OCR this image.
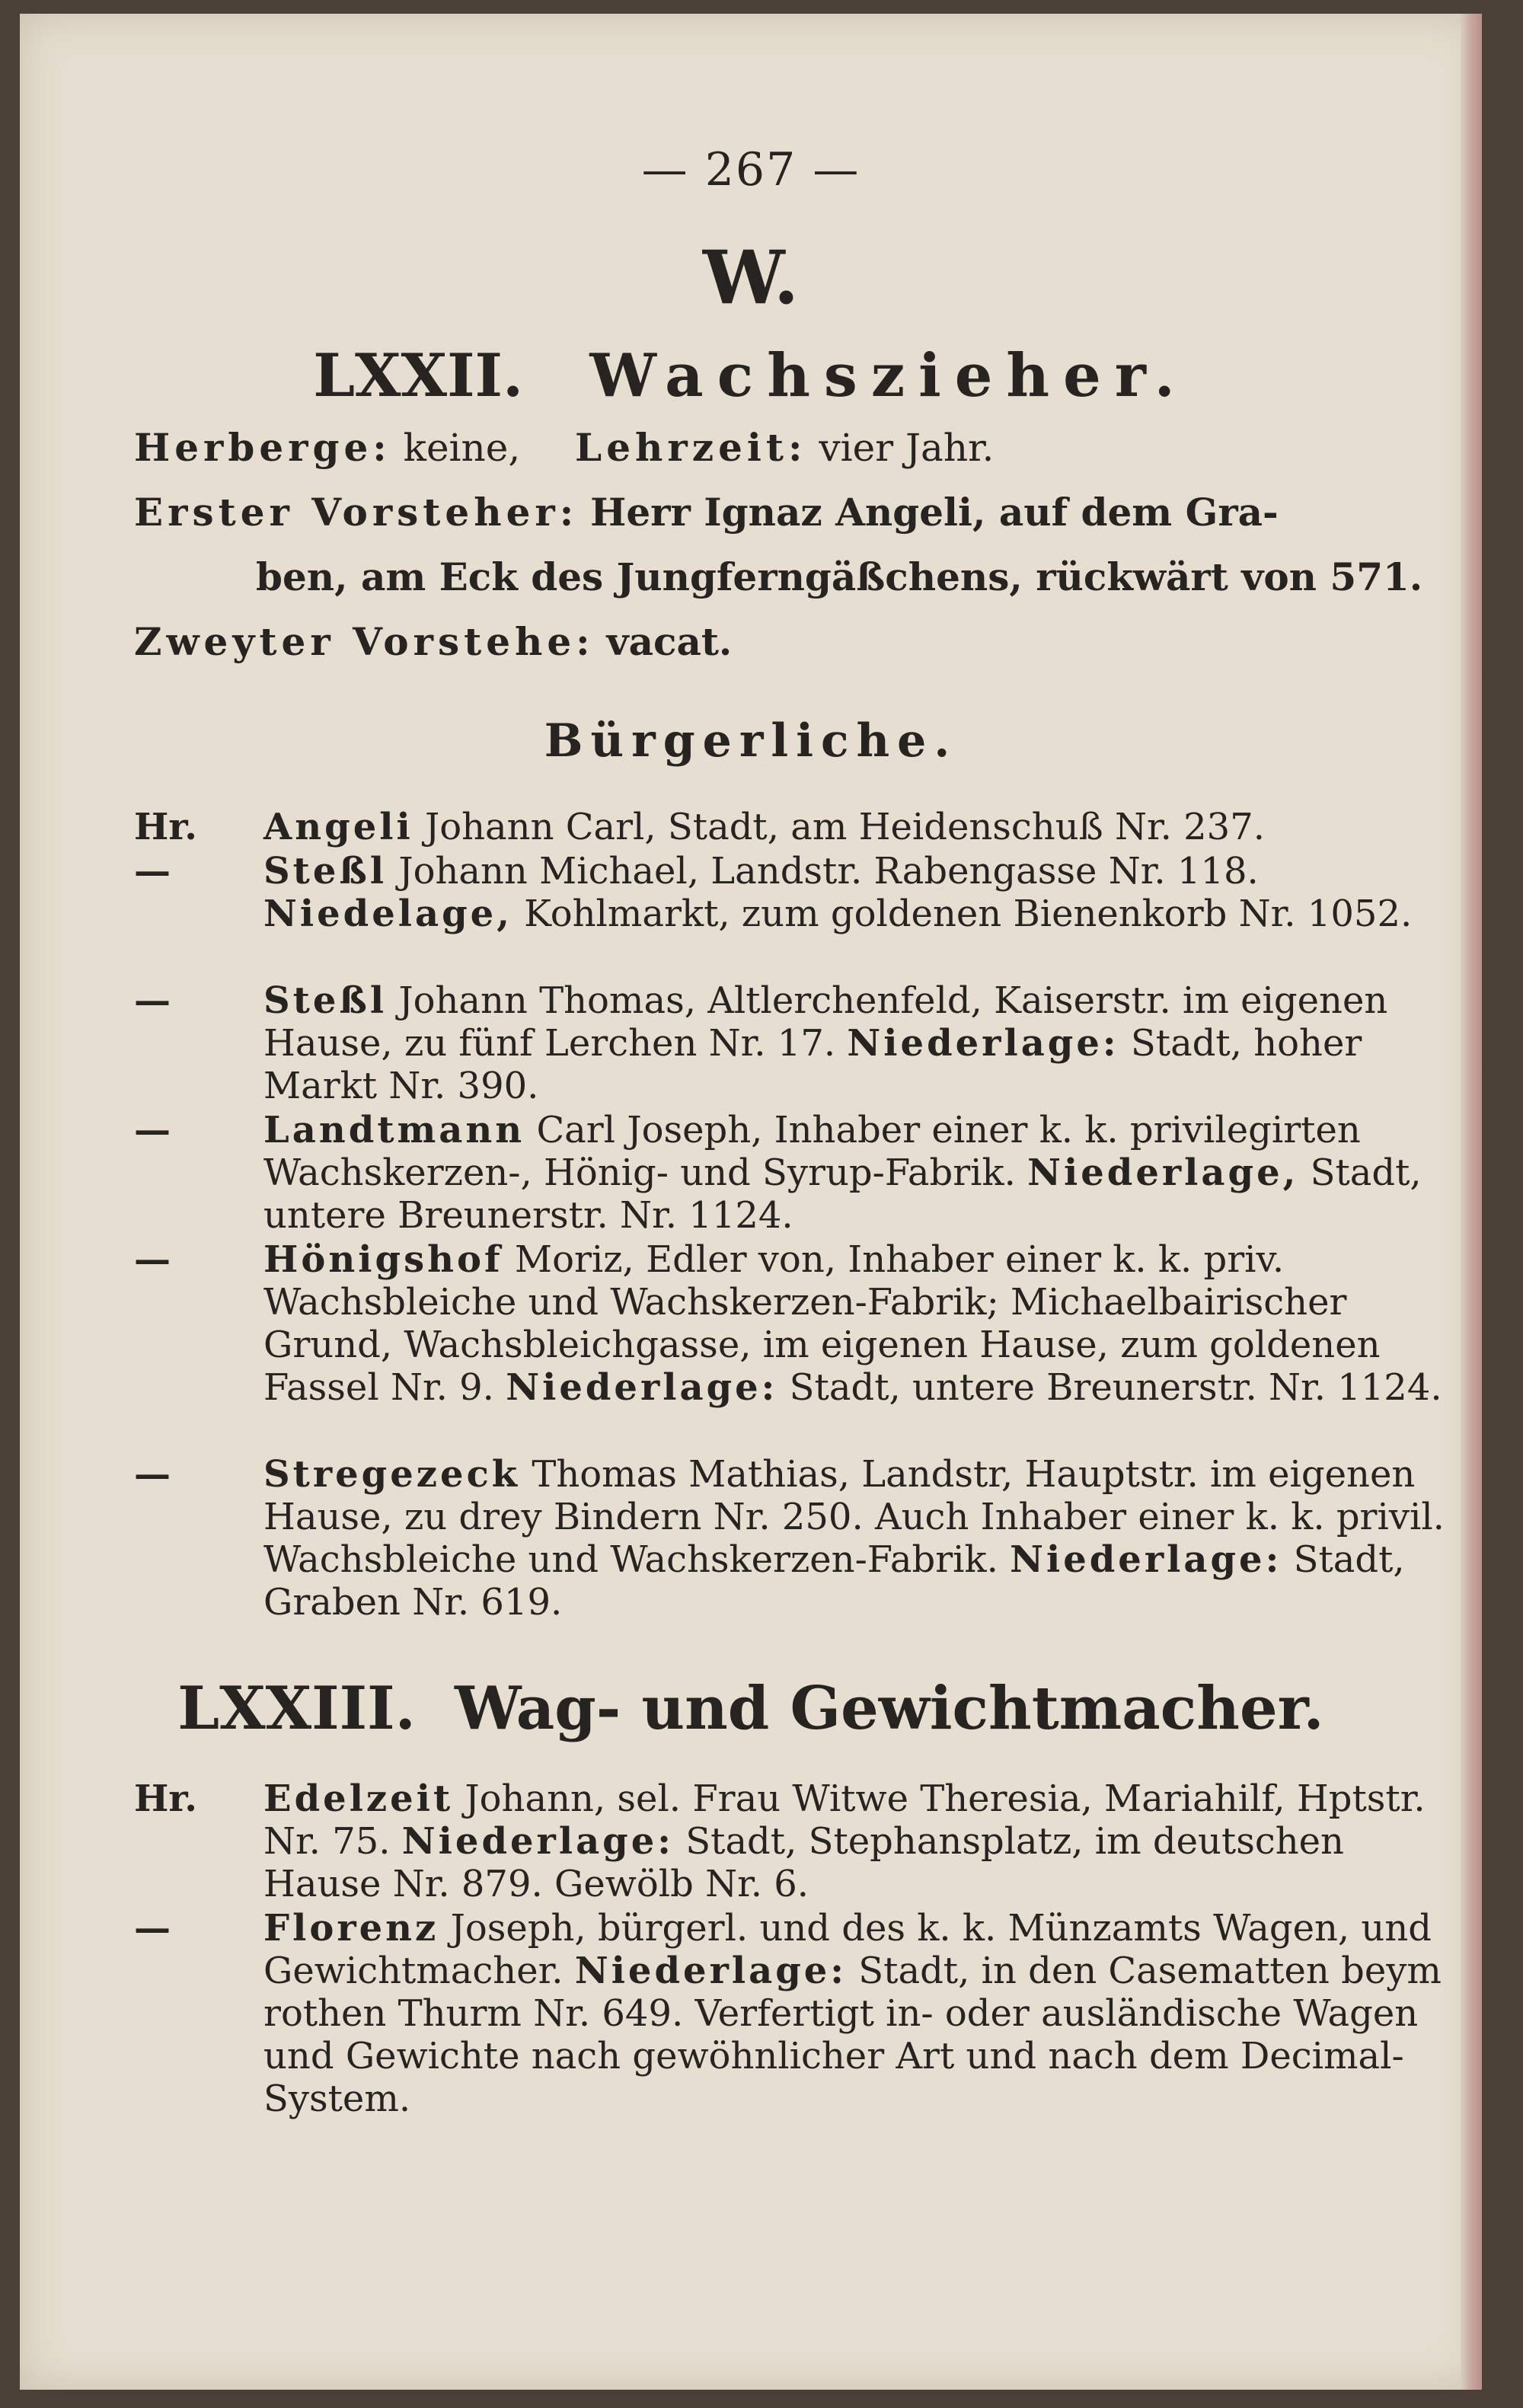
— 267 —
W.
LXXII. Wachszieher.
Herberge: keine, Lehrzeit: vier Jahr.
Erster Vorsteher: Herr Ignaz Angeli, auf dem Gra-
ben, am Eck des Jungferngäßchens, rückwärt von 571.
Zweyter Vorstehe: vacat.
Bürgerliche.
Hr. Angeli Johann Carl, Stadt, am Heidenschuß Nr. 237.
—	Steßl Johann Michael, Landstr. Rabengasse Nr. 118. Niedelage, Kohlmarkt, zum goldenen Bienenkorb Nr. 1052.
—	Steßl Johann Thomas, Altlerchenfeld, Kaiserstr. im eigenen Hause, zu fünf Lerchen Nr. 17. Niederlage: Stadt, hoher Markt Nr. 390.
—	Landtmann Carl Joseph, Inhaber einer k. k. privilegirten Wachskerzen-, Hönig- und Syrup-Fabrik. Niederlage, Stadt, untere Breunerstr. Nr. 1124.
—	Hönigshof Moriz, Edler von, Inhaber einer k. k. priv. Wachsbleiche und Wachskerzen-Fabrik; Michaelbairischer Grund, Wachsbleichgasse, im eigenen Hause, zum goldenen Fassel Nr. 9. Niederlage: Stadt, untere Breunerstr. Nr. 1124.
—	Stregezeck Thomas Mathias, Landstr, Hauptstr. im eigenen Hause, zu drey Bindern Nr. 250. Auch Inhaber einer k. k. privil. Wachsbleiche und Wachskerzen-Fabrik. Niederlage: Stadt, Graben Nr. 619.
LXXIII. Wag- und Gewichtmacher.
Hr. Edelzeit Johann, sel. Frau Witwe Theresia, Mariahilf, Hptstr. Nr. 75. Niederlage: Stadt, Stephansplatz, im deutschen Hause Nr. 879. Gewölb Nr. 6.
—	Florenz Joseph, bürgerl. und des k. k. Münzamts Wagen, und Gewichtmacher. Niederlage: Stadt, in den Casematten beym rothen Thurm Nr. 649. Verfertigt in- oder ausländische Wagen und Gewichte nach gewöhnlicher Art und nach dem Decimal-System.
